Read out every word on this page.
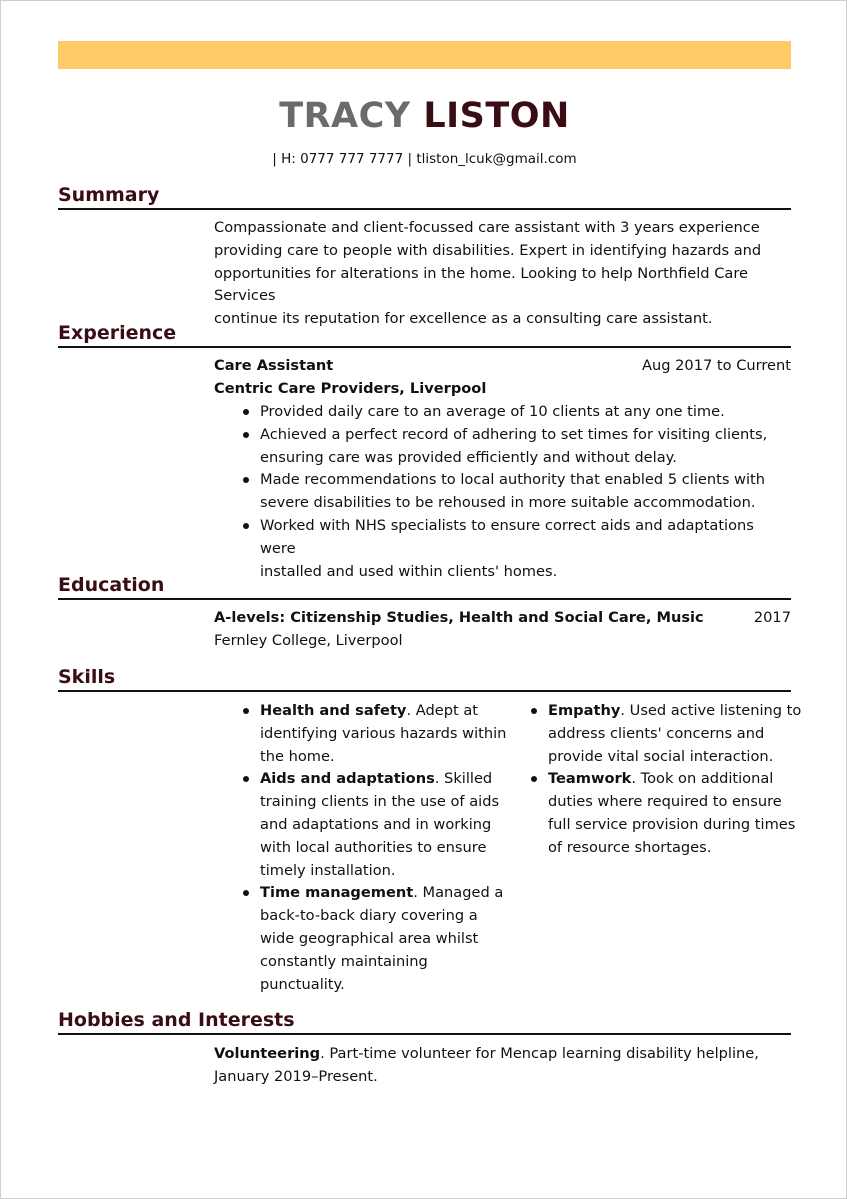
TRACY LISTON
| H: 0777 777 7777 | tliston_lcuk@gmail.com
Summary
Compassionate and client-focussed care assistant with 3 years experience
providing care to people with disabilities. Expert in identifying hazards and
opportunities for alterations in the home. Looking to help Northfield Care Services
continue its reputation for excellence as a consulting care assistant.
Experience
Care Assistant	Aug 2017 to Current
Centric Care Providers, Liverpool
Provided daily care to an average of 10 clients at any one time.
Achieved a perfect record of adhering to set times for visiting clients,
ensuring care was provided efficiently and without delay.
Made recommendations to local authority that enabled 5 clients with
severe disabilities to be rehoused in more suitable accommodation.
Worked with NHS specialists to ensure correct aids and adaptations were
installed and used within clients' homes.
Education
A-levels: Citizenship Studies, Health and Social Care, Music	2017
Fernley College, Liverpool
Skills
Health and safety. Adept at
identifying various hazards within
the home.
Aids and adaptations. Skilled
training clients in the use of aids
and adaptations and in working
with local authorities to ensure
timely installation.
Time management. Managed a
back-to-back diary covering a
wide geographical area whilst
constantly maintaining
punctuality.
Empathy. Used active listening to
address clients' concerns and
provide vital social interaction.
Teamwork. Took on additional
duties where required to ensure
full service provision during times
of resource shortages.
Hobbies and Interests
Volunteering. Part-time volunteer for Mencap learning disability helpline,
January 2019–Present.
